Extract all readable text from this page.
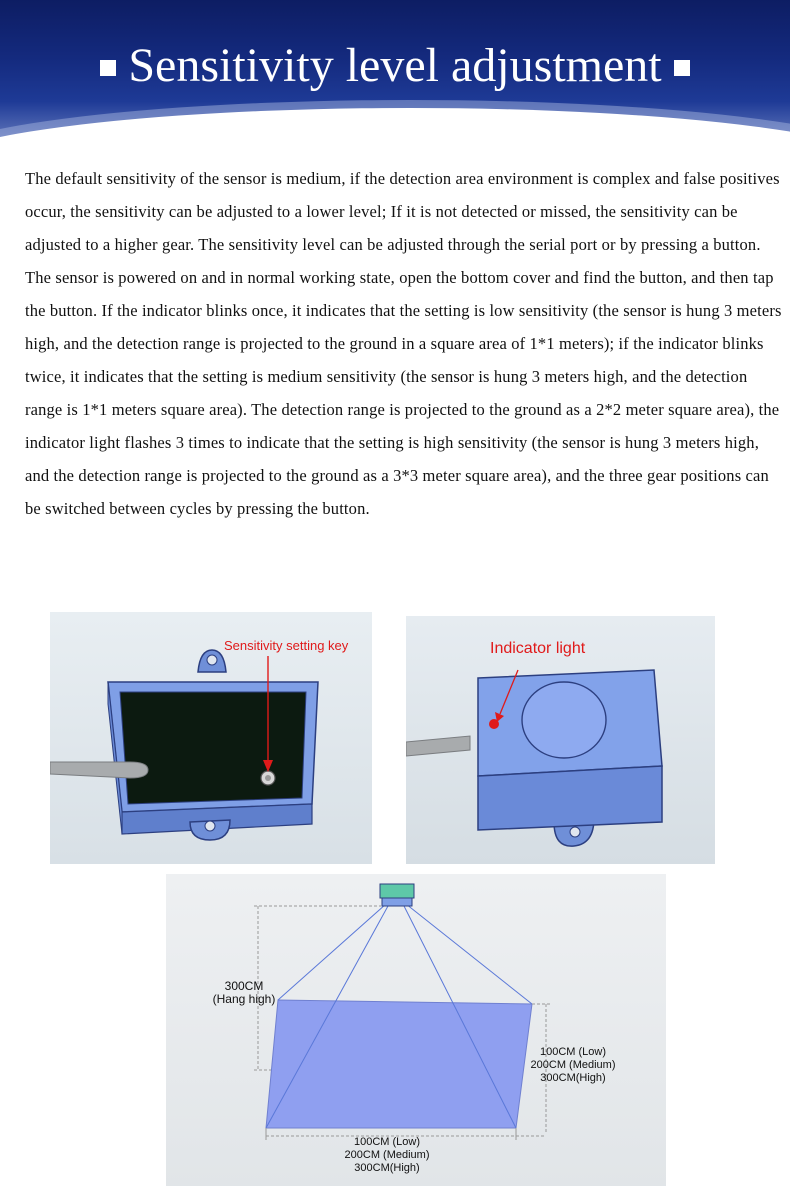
Sensitivity level adjustment

The default sensitivity of the sensor is medium, if the detection area environment is complex and false positives occur, the sensitivity can be adjusted to a lower level; If it is not detected or missed, the sensitivity can be adjusted to a higher gear. The sensitivity level can be adjusted through the serial port or by pressing a button.

The sensor is powered on and in normal working state, open the bottom cover and find the button, and then tap the button. If the indicator blinks once, it indicates that the setting is low sensitivity (the sensor is hung 3 meters high, and the detection range is projected to the ground in a square area of 1*1 meters); if the indicator blinks twice, it indicates that the setting is medium sensitivity (the sensor is hung 3 meters high, and the detection range is 1*1 meters square area). The detection range is projected to the ground as a 2*2 meter square area), the indicator light flashes 3 times to indicate that the setting is high sensitivity (the sensor is hung 3 meters high, and the detection range is projected to the ground as a 3*3 meter square area), and the three gear positions can be switched between cycles by pressing the button.

Sensitivity setting key	Indicator light
300CM
(Hang high)
100CM (Low)
200CM (Medium)
300CM(High)
100CM (Low)
200CM (Medium)
300CM(High)
